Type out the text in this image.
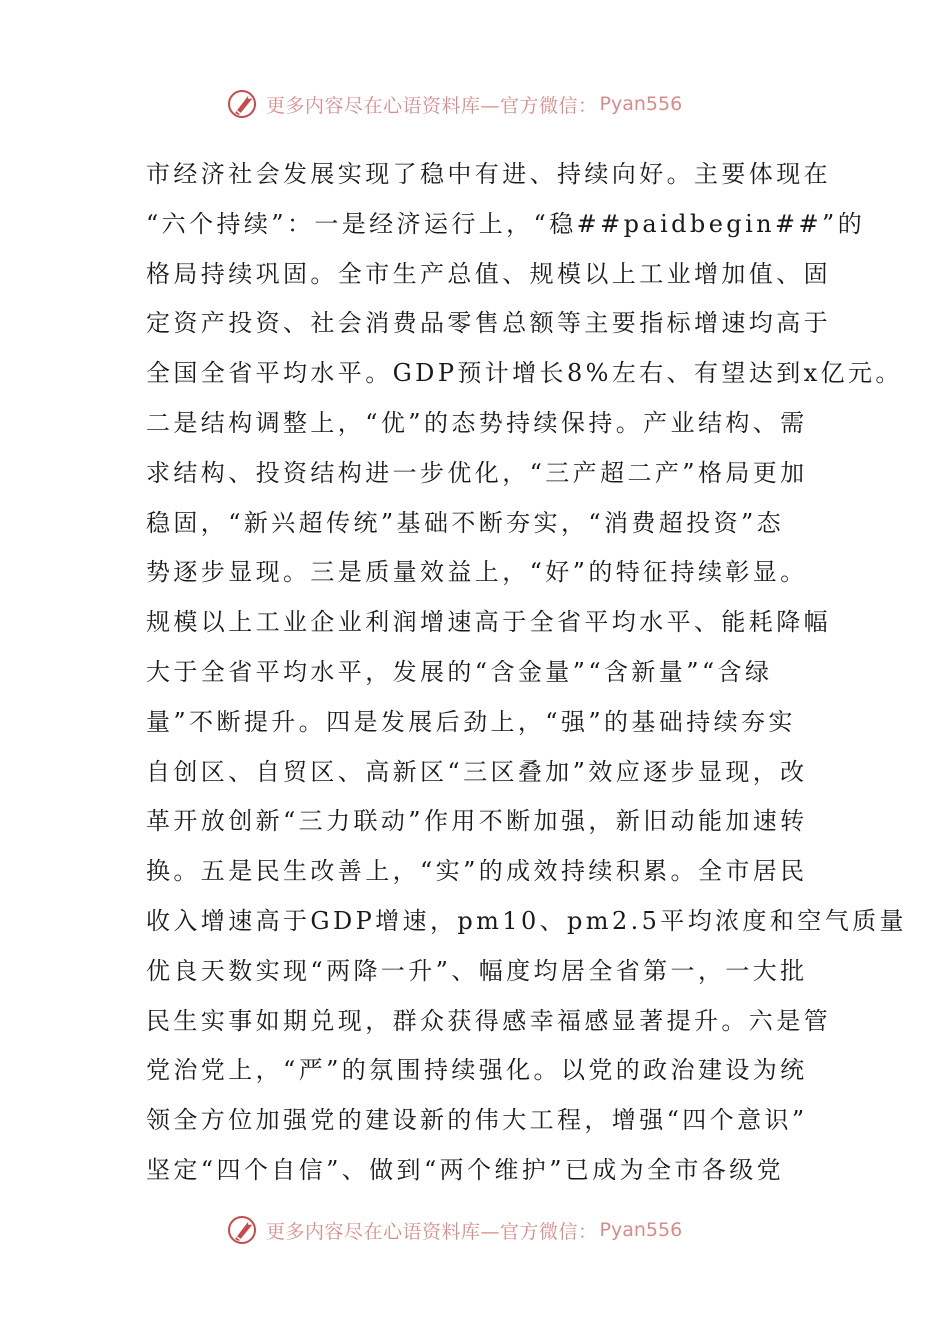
更多内容尽在心语资料库—官方微信： Pyan556
市经济社会发展实现了稳中有进、持续向好。主要体现在
“六个持续”：一是经济运行上，“稳##paidbegin##”的
格局持续巩固。全市生产总值、规模以上工业增加值、固
定资产投资、社会消费品零售总额等主要指标增速均高于
全国全省平均水平。GDP预计增长8%左右、有望达到x亿元。
二是结构调整上，“优”的态势持续保持。产业结构、需
求结构、投资结构进一步优化，“三产超二产”格局更加
稳固，“新兴超传统”基础不断夯实，“消费超投资”态
势逐步显现。三是质量效益上，“好”的特征持续彰显。
规模以上工业企业利润增速高于全省平均水平、能耗降幅
大于全省平均水平，发展的“含金量”“含新量”“含绿
量”不断提升。四是发展后劲上，“强”的基础持续夯实
自创区、自贸区、高新区“三区叠加”效应逐步显现，改
革开放创新“三力联动”作用不断加强，新旧动能加速转
换。五是民生改善上，“实”的成效持续积累。全市居民
收入增速高于GDP增速，pm10、pm2.5平均浓度和空气质量
优良天数实现“两降一升”、幅度均居全省第一，一大批
民生实事如期兑现，群众获得感幸福感显著提升。六是管
党治党上，“严”的氛围持续强化。以党的政治建设为统
领全方位加强党的建设新的伟大工程，增强“四个意识”
坚定“四个自信”、做到“两个维护”已成为全市各级党
更多内容尽在心语资料库—官方微信： Pyan556
